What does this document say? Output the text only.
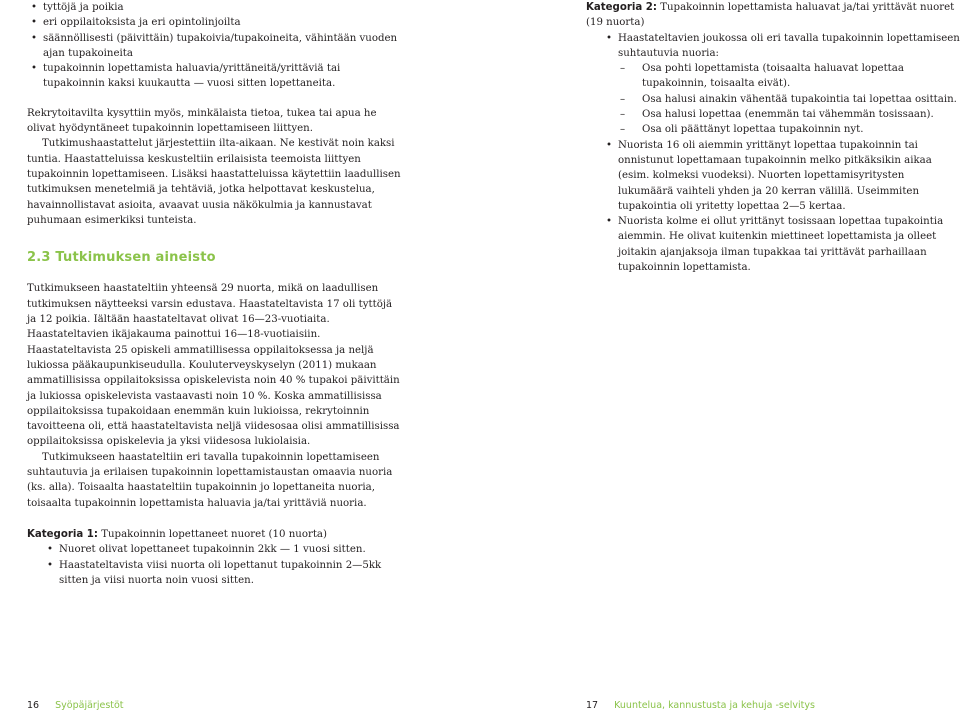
• tyttöjä ja poikia
• eri oppilaitoksista ja eri opintolinjoilta
• säännöllisesti (päivittäin) tupakoivia/tupakoineita, vähintään vuoden ajan tupakoineita
• tupakoinnin lopettamista haluavia/yrittäneitä/yrittäviä tai tupakoinnin kaksi kuukautta — vuosi sitten lopettaneita.

Rekrytoitavilta kysyttiin myös, minkälaista tietoa, tukea tai apua he olivat hyödyntäneet tupakoinnin lopettamiseen liittyen.

Tutkimushaastattelut järjestettiin ilta-aikaan. Ne kestivät noin kaksi tuntia. Haastatteluissa keskusteltiin erilaisista teemoista liittyen tupakoinnin lopettamiseen. Lisäksi haastatteluissa käytettiin laadullisen tutkimuksen menetelmiä ja tehtäviä, jotka helpottavat keskustelua, havainnollistavat asioita, avaavat uusia näkökulmia ja kannustavat puhumaan esimerkiksi tunteista.

2.3 Tutkimuksen aineisto

Tutkimukseen haastateltiin yhteensä 29 nuorta, mikä on laadullisen tutkimuksen näytteeksi varsin edustava. Haastateltavista 17 oli tyttöjä ja 12 poikia. Iältään haastateltavat olivat 16—23-vuotiaita. Haastateltavien ikäjakauma painottui 16—18-vuotiaisiin. Haastateltavista 25 opiskeli ammatillisessa oppilaitoksessa ja neljä lukiossa pääkaupunkiseudulla. Kouluterveyskyselyn (2011) mukaan ammatillisissa oppilaitoksissa opiskelevista noin 40 % tupakoi päivittäin ja lukiossa opiskelevista vastaavasti noin 10 %. Koska ammatillisissa oppilaitoksissa tupakoidaan enemmän kuin lukioissa, rekrytoinnin tavoitteena oli, että haastateltavista neljä viidesosaa olisi ammatillisissa oppilaitoksissa opiskelevia ja yksi viidesosa lukiolaisia.

Tutkimukseen haastateltiin eri tavalla tupakoinnin lopettamiseen suhtautuvia ja erilaisen tupakoinnin lopettamistaustan omaavia nuoria (ks. alla). Toisaalta haastateltiin tupakoinnin jo lopettaneita nuoria, toisaalta tupakoinnin lopettamista haluavia ja/tai yrittäviä nuoria.

Kategoria 1: Tupakoinnin lopettaneet nuoret (10 nuorta)

• Nuoret olivat lopettaneet tupakoinnin 2kk — 1 vuosi sitten.
• Haastateltavista viisi nuorta oli lopettanut tupakoinnin 2—5kk sitten ja viisi nuorta noin vuosi sitten.

Kategoria 2: Tupakoinnin lopettamista haluavat ja/tai yrittävät nuoret (19 nuorta)

• Haastateltavien joukossa oli eri tavalla tupakoinnin lopettamiseen suhtautuvia nuoria:
– Osa pohti lopettamista (toisaalta haluavat lopettaa tupakoinnin, toisaalta eivät).
– Osa halusi ainakin vähentää tupakointia tai lopettaa osittain.
– Osa halusi lopettaa (enemmän tai vähemmän tosissaan).
– Osa oli päättänyt lopettaa tupakoinnin nyt.
• Nuorista 16 oli aiemmin yrittänyt lopettaa tupakoinnin tai onnistunut lopettamaan tupakoinnin melko pitkäksikin aikaa (esim. kolmeksi vuodeksi). Nuorten lopettamisyritysten lukumäärä vaihteli yhden ja 20 kerran välillä. Useimmiten tupakointia oli yritetty lopettaa 2—5 kertaa.
• Nuorista kolme ei ollut yrittänyt tosissaan lopettaa tupakointia aiemmin. He olivat kuitenkin miettineet lopettamista ja olleet joitakin ajanjaksoja ilman tupakkaa tai yrittävät parhaillaan tupakoinnin lopettamista.
16 Syöpäjärjestöt	17 Kuuntelua, kannustusta ja kehuja -selvitys
